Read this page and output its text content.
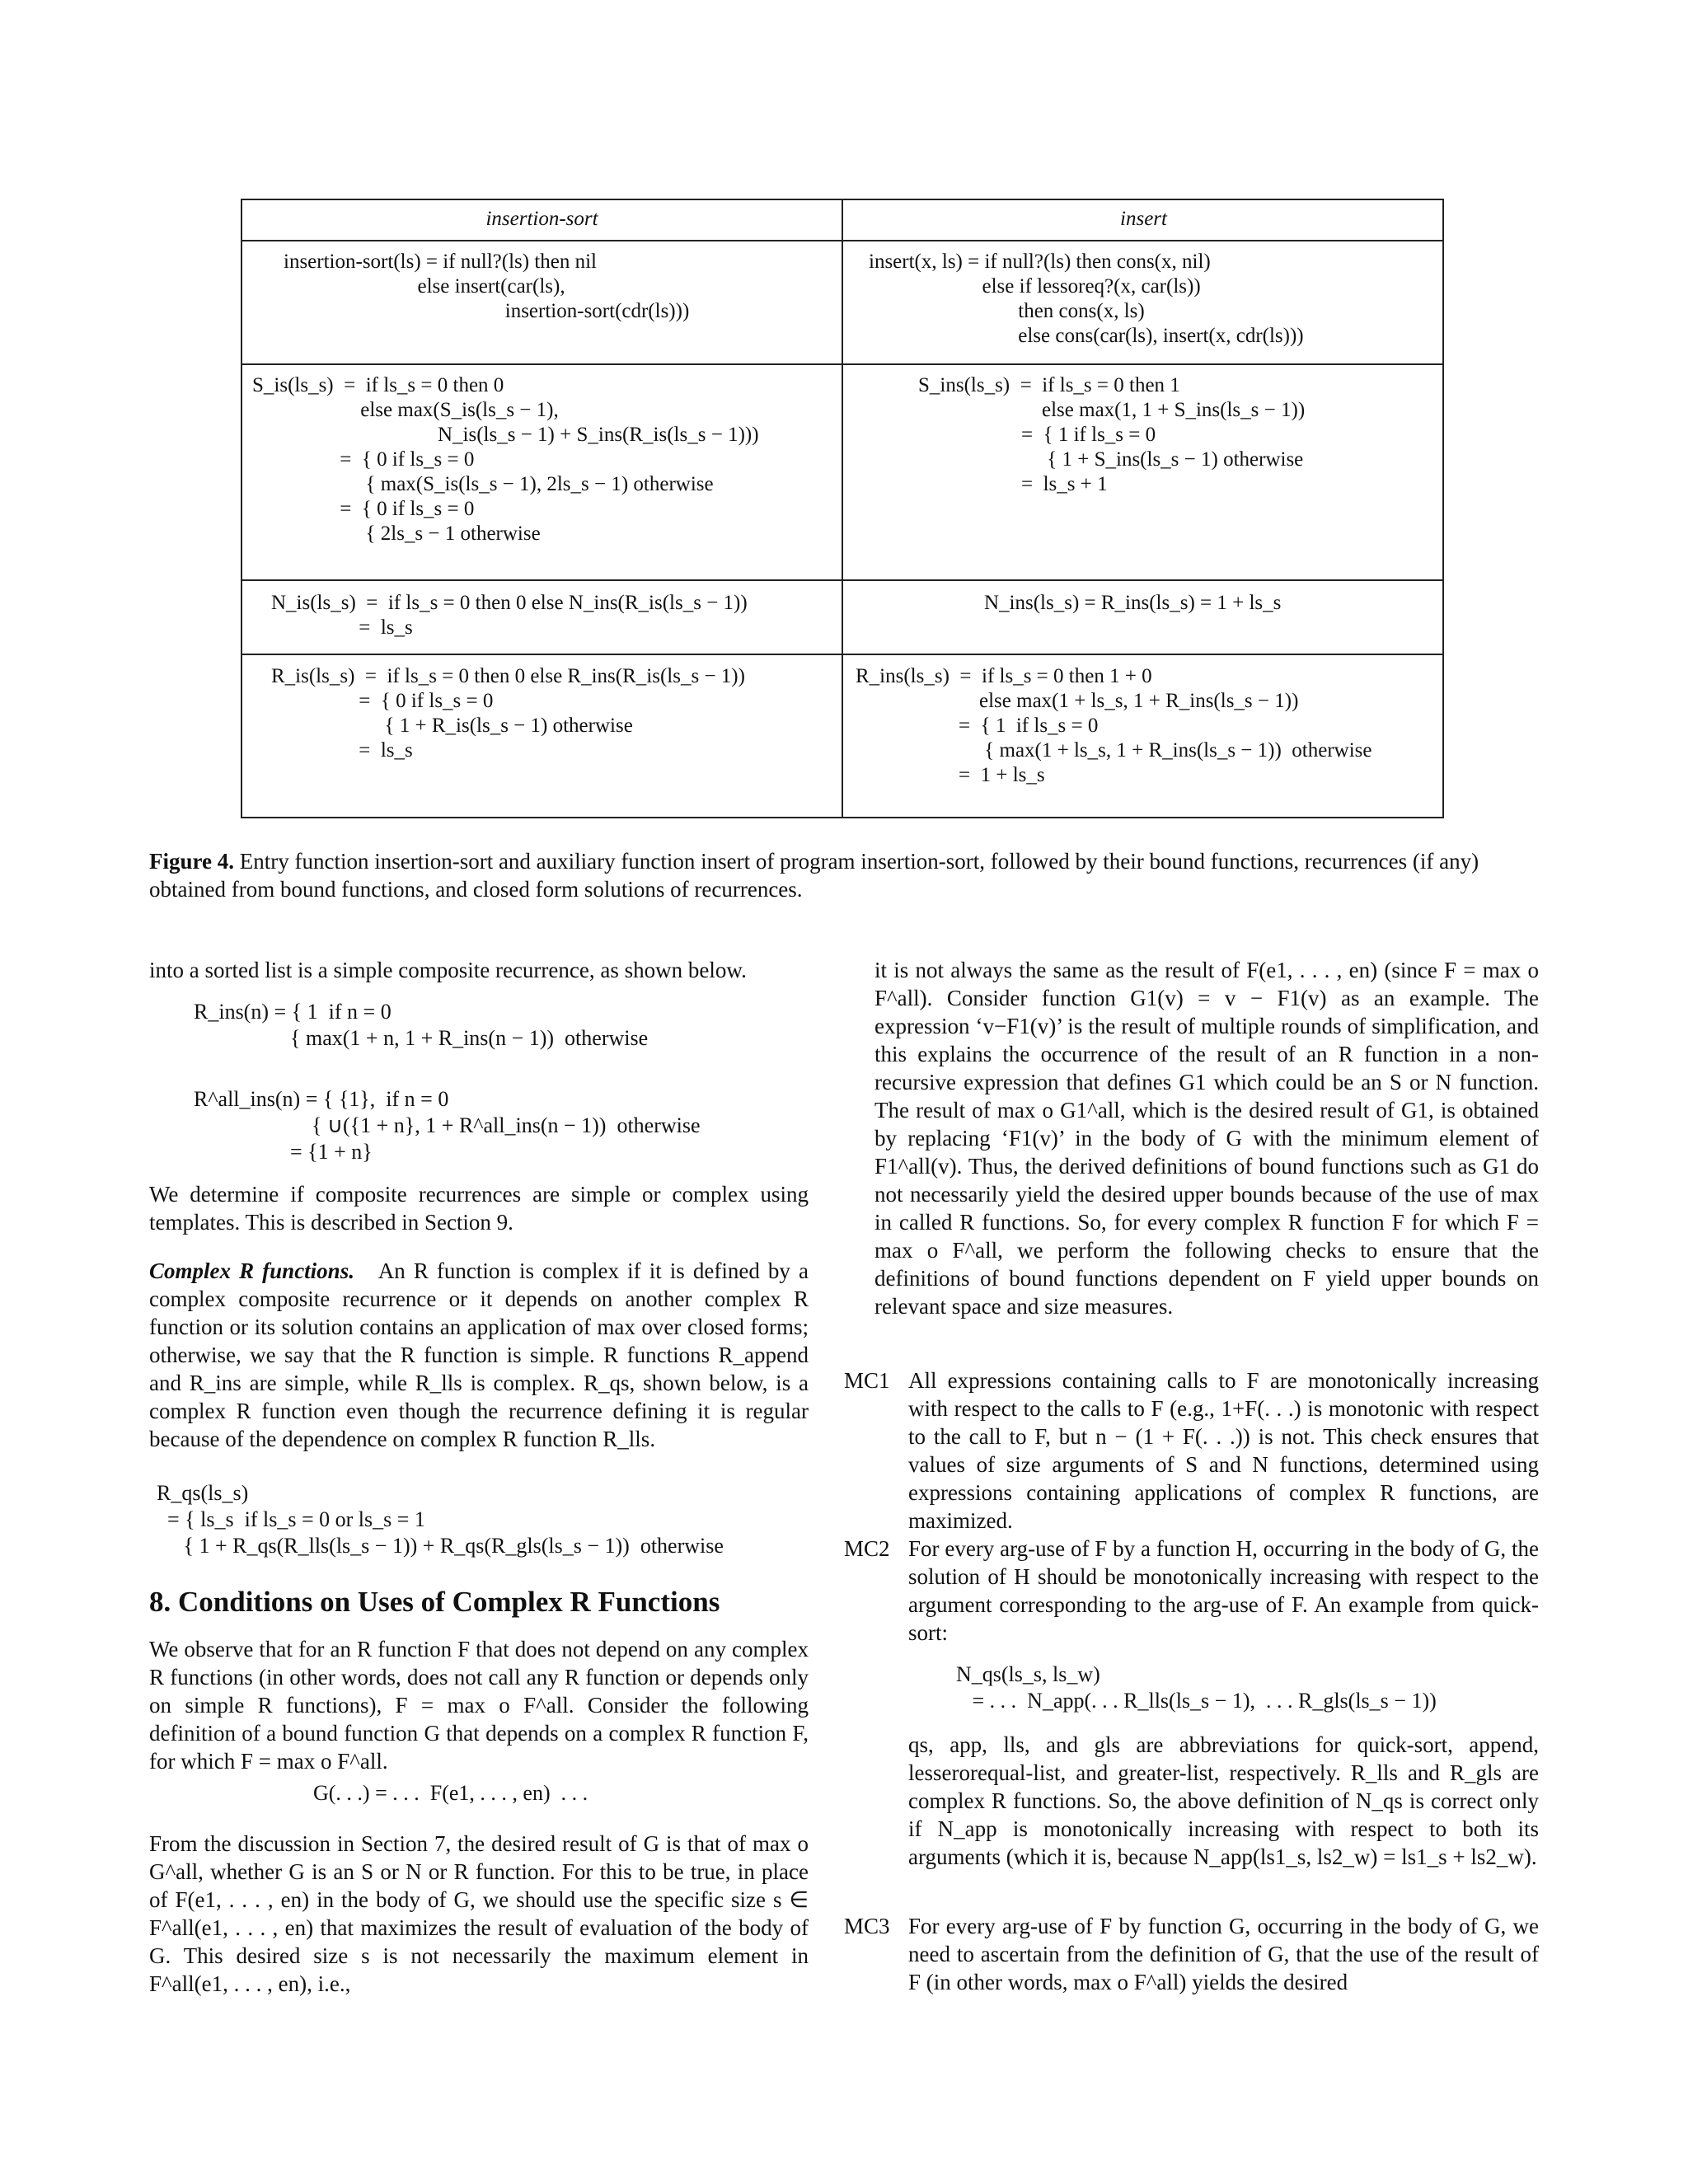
insertion-sort	insert
insertion-sort(ls) = if null?(ls) then nil
else insert(car(ls),
insertion-sort(cdr(ls)))
insert(x, ls) = if null?(ls) then cons(x, nil)
else if lessoreq?(x, car(ls))
then cons(x, ls)
else cons(car(ls), insert(x, cdr(ls)))
S_is(ls_s)  =  if ls_s = 0 then 0
else max(S_is(ls_s − 1),
N_is(ls_s − 1) + S_ins(R_is(ls_s − 1)))
=  { 0 if ls_s = 0
{ max(S_is(ls_s − 1), 2ls_s − 1) otherwise
=  { 0 if ls_s = 0
{ 2ls_s − 1 otherwise
S_ins(ls_s)  =  if ls_s = 0 then 1
else max(1, 1 + S_ins(ls_s − 1))
=  { 1 if ls_s = 0
{ 1 + S_ins(ls_s − 1) otherwise
=  ls_s + 1
N_is(ls_s)  =  if ls_s = 0 then 0 else N_ins(R_is(ls_s − 1))
=  ls_s
N_ins(ls_s) = R_ins(ls_s) = 1 + ls_s
R_is(ls_s)  =  if ls_s = 0 then 0 else R_ins(R_is(ls_s − 1))
=  { 0 if ls_s = 0
{ 1 + R_is(ls_s − 1) otherwise
=  ls_s
R_ins(ls_s)  =  if ls_s = 0 then 1 + 0
else max(1 + ls_s, 1 + R_ins(ls_s − 1))
=  { 1  if ls_s = 0
{ max(1 + ls_s, 1 + R_ins(ls_s − 1))  otherwise
=  1 + ls_s
Figure 4. Entry function insertion-sort and auxiliary function insert of program insertion-sort, followed by their bound functions, recurrences (if any) obtained from bound functions, and closed form solutions of recurrences.
into a sorted list is a simple composite recurrence, as shown below.
R_ins(n) = { 1  if n = 0
{ max(1 + n, 1 + R_ins(n − 1))  otherwise
R^all_ins(n) = { {1},  if n = 0
{ ∪({1 + n}, 1 + R^all_ins(n − 1))  otherwise
= {1 + n}
We determine if composite recurrences are simple or complex using templates. This is described in Section 9.
Complex R functions. An R function is complex if it is defined by a complex composite recurrence or it depends on another complex R function or its solution contains an application of max over closed forms; otherwise, we say that the R function is simple. R functions R_append and R_ins are simple, while R_lls is complex. R_qs, shown below, is a complex R function even though the recurrence defining it is regular because of the dependence on complex R function R_lls.
R_qs(ls_s)
= { ls_s  if ls_s = 0 or ls_s = 1
{ 1 + R_qs(R_lls(ls_s − 1)) + R_qs(R_gls(ls_s − 1))  otherwise
8. Conditions on Uses of Complex R Functions
We observe that for an R function F that does not depend on any complex R functions (in other words, does not call any R function or depends only on simple R functions), F = max o F^all. Consider the following definition of a bound function G that depends on a complex R function F, for which F = max o F^all.
G(. . .) = . . .  F(e1, . . . , en)  . . .
From the discussion in Section 7, the desired result of G is that of max o G^all, whether G is an S or N or R function. For this to be true, in place of F(e1, . . . , en) in the body of G, we should use the specific size s ∈ F^all(e1, . . . , en) that maximizes the result of evaluation of the body of G. This desired size s is not necessarily the maximum element in F^all(e1, . . . , en), i.e.,
it is not always the same as the result of F(e1, . . . , en) (since F = max o F^all). Consider function G1(v) = v − F1(v) as an example. The expression ‘v−F1(v)’ is the result of multiple rounds of simplification, and this explains the occurrence of the result of an R function in a non-recursive expression that defines G1 which could be an S or N function. The result of max o G1^all, which is the desired result of G1, is obtained by replacing ‘F1(v)’ in the body of G with the minimum element of F1^all(v). Thus, the derived definitions of bound functions such as G1 do not necessarily yield the desired upper bounds because of the use of max in called R functions. So, for every complex R function F for which F = max o F^all, we perform the following checks to ensure that the definitions of bound functions dependent on F yield upper bounds on relevant space and size measures.
MC1 All expressions containing calls to F are monotonically increasing with respect to the calls to F (e.g., 1+F(. . .) is monotonic with respect to the call to F, but n − (1 + F(. . .)) is not. This check ensures that values of size arguments of S and N functions, determined using expressions containing applications of complex R functions, are maximized.
MC2 For every arg-use of F by a function H, occurring in the body of G, the solution of H should be monotonically increasing with respect to the argument corresponding to the arg-use of F. An example from quick-sort:
N_qs(ls_s, ls_w)
= . . .  N_app(. . . R_lls(ls_s − 1),  . . . R_gls(ls_s − 1))
qs, app, lls, and gls are abbreviations for quick-sort, append, lesserorequal-list, and greater-list, respectively. R_lls and R_gls are complex R functions. So, the above definition of N_qs is correct only if N_app is monotonically increasing with respect to both its arguments (which it is, because N_app(ls1_s, ls2_w) = ls1_s + ls2_w).
MC3 For every arg-use of F by function G, occurring in the body of G, we need to ascertain from the definition of G, that the use of the result of F (in other words, max o F^all) yields the desired
